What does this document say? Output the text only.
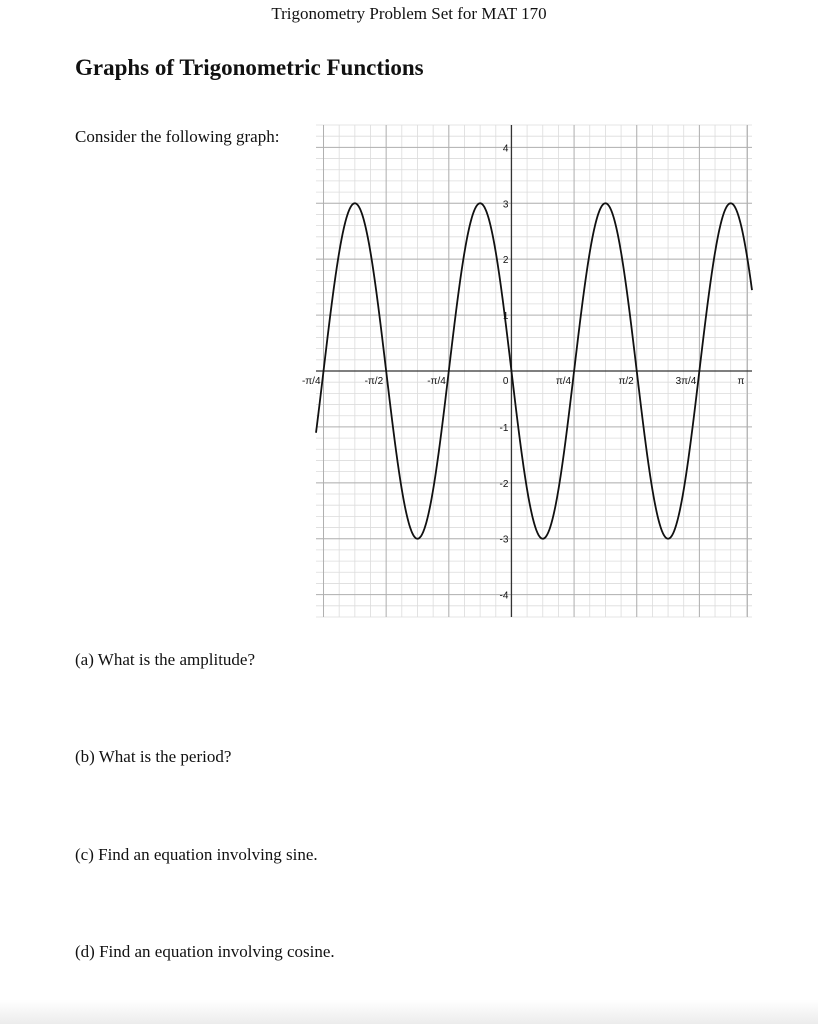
Trigonometry Problem Set for MAT 170
Graphs of Trigonometric Functions
Consider the following graph:
-π/4	-π/2	-π/4	0	π/4	π/2	3π/4	π
-4
-3
-2
-1
1
2
3
4
(a) What is the amplitude?
(b) What is the period?
(c) Find an equation involving sine.
(d) Find an equation involving cosine.
